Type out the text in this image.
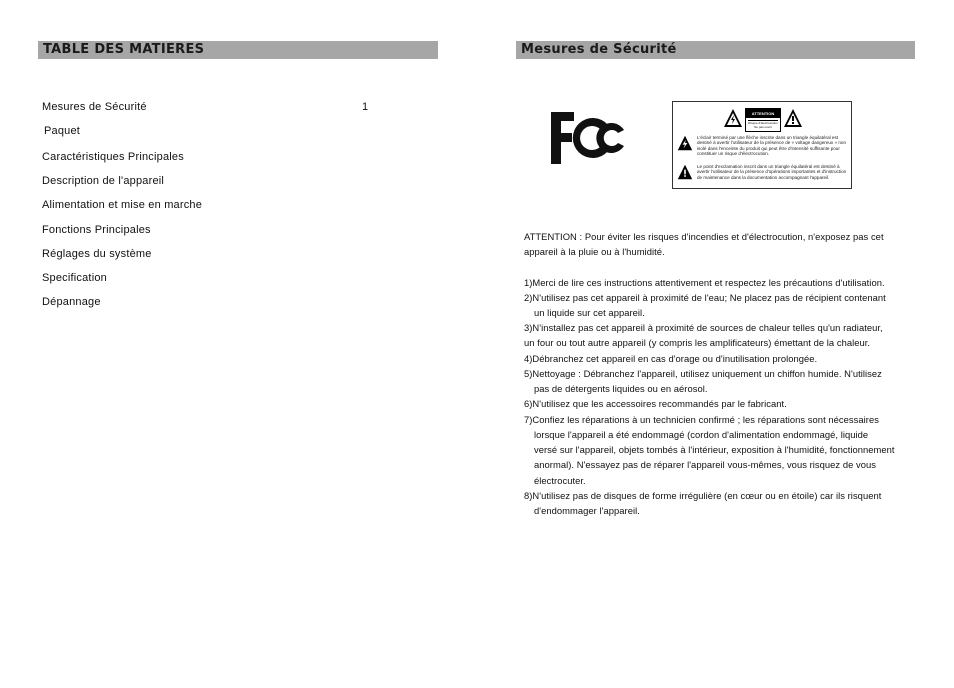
TABLE DES MATIERES
Mesures de Sécurité	1
Paquet
Caractéristiques Principales
Description de l'appareil
Alimentation et mise en marche
Fonctions Principales
Réglages du système
Specification
Dépannage
Mesures de Sécurité
FC
ATTENTION
Risque d'électrocution Ne pas ouvrir
L'éclair terminé par une flèche inscrite dans un triangle équilatéral est destiné à avertir l'utilisateur de la présence de « voltage dangereux » non isolé dans l'enceinte du produit qui peut être d'intensité suffisante pour constituer un risque d'électrocution.
Le point d'exclamation inscrit dans un triangle équilatéral est destiné à avertir l'utilisateur de la présence d'opérations importantes et d'instruction de maintenance dans la documentation accompagnant l'appareil.
ATTENTION : Pour éviter les risques d'incendies et d'électrocution, n'exposez pas cet
appareil à la pluie ou à l'humidité.
1)Merci de lire ces instructions attentivement et respectez les précautions d'utilisation.
2)N'utilisez pas cet appareil à proximité de l'eau; Ne placez pas de récipient contenant
un liquide sur cet appareil.
3)N'installez pas cet appareil à proximité de sources de chaleur telles qu'un radiateur,
un four ou tout autre appareil (y compris les amplificateurs) émettant de la chaleur.
4)Débranchez cet appareil en cas d'orage ou d'inutilisation prolongée.
5)Nettoyage : Débranchez l'appareil, utilisez uniquement un chiffon humide. N'utilisez
pas de détergents liquides ou en aérosol.
6)N'utilisez que les accessoires recommandés par le fabricant.
7)Confiez les réparations à un technicien confirmé ; les réparations sont nécessaires
lorsque l'appareil a été endommagé (cordon d'alimentation endommagé, liquide
versé sur l'appareil, objets tombés à l'intérieur, exposition à l'humidité, fonctionnement
anormal). N'essayez pas de réparer l'appareil vous-mêmes, vous risquez de vous
électrocuter.
8)N'utilisez pas de disques de forme irrégulière (en cœur ou en étoile) car ils risquent
d'endommager l'appareil.
